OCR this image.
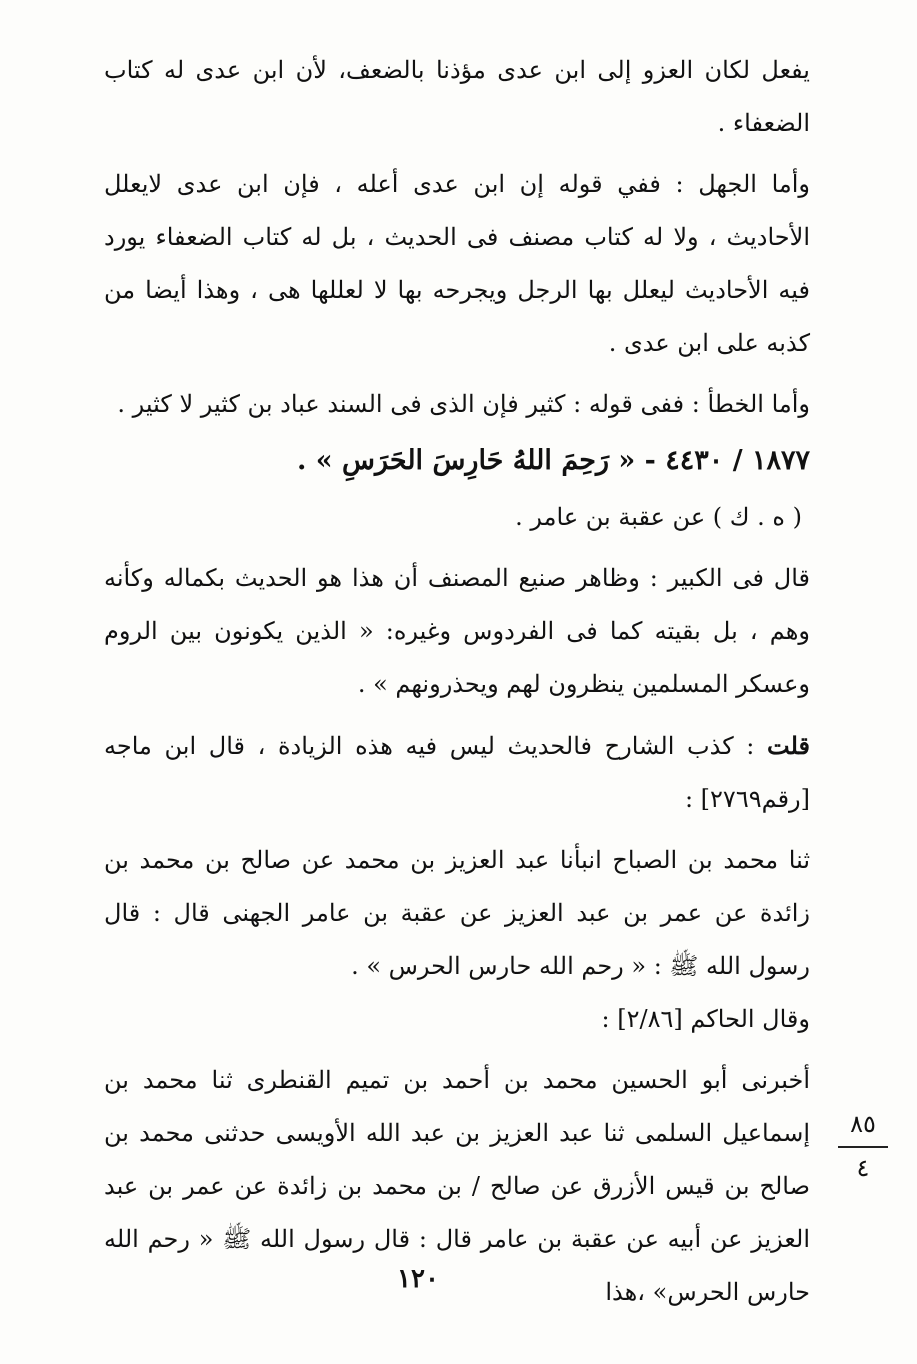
يفعل لكان العزو إلى ابن عدى مؤذنا بالضعف، لأن ابن عدى له كتاب الضعفاء .

وأما الجهل : ففي قوله إن ابن عدى أعله ، فإن ابن عدى لايعلل الأحاديث ، ولا له كتاب مصنف فى الحديث ، بل له كتاب الضعفاء يورد فيه الأحاديث ليعلل بها الرجل ويجرحه بها لا لعللها هى ، وهذا أيضا من كذبه على ابن عدى .

وأما الخطأ : ففى قوله : كثير فإن الذى فى السند عباد بن كثير لا كثير .

١٨٧٧ / ٤٤٣٠ - « رَحِمَ اللهُ حَارِسَ الحَرَسِ » .

( ه . ك ) عن عقبة بن عامر .

قال فى الكبير : وظاهر صنيع المصنف أن هذا هو الحديث بكماله وكأنه وهم ، بل بقيته كما فى الفردوس وغيره: « الذين يكونون بين الروم وعسكر المسلمين ينظرون لهم ويحذرونهم » .

قلت : كذب الشارح فالحديث ليس فيه هذه الزيادة ، قال ابن ماجه [رقم٢٧٦٩] :

ثنا محمد بن الصباح انبأنا عبد العزيز بن محمد عن صالح بن محمد بن زائدة عن عمر بن عبد العزيز عن عقبة بن عامر الجهنى قال : قال رسول الله ﷺ : « رحم الله حارس الحرس » .

وقال الحاكم [٢/٨٦] :

أخبرنى أبو الحسين محمد بن أحمد بن تميم القنطرى ثنا محمد بن إسماعيل السلمى ثنا عبد العزيز بن عبد الله الأويسى حدثنى محمد بن صالح بن قيس الأزرق عن صالح / بن محمد بن زائدة عن عمر بن عبد العزيز عن أبيه عن عقبة بن عامر قال : قال رسول الله ﷺ « رحم الله حارس الحرس» ،هذا

٨٥
٤
١٢٠
